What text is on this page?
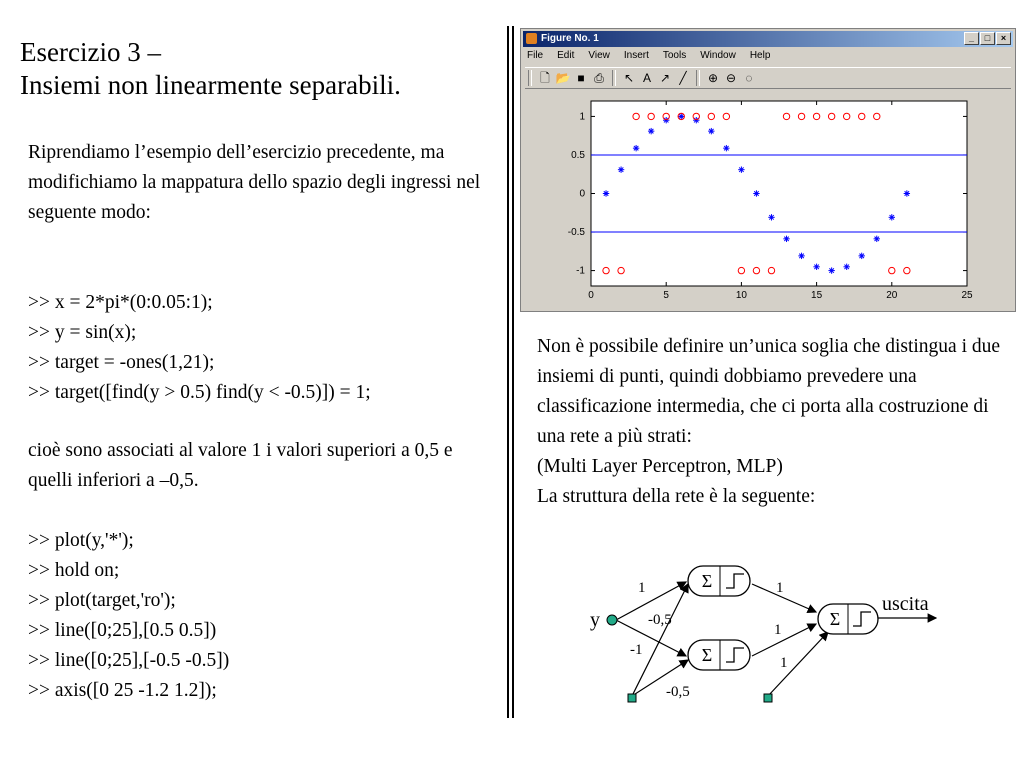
Esercizio 3 –
Insiemi non linearmente separabili.
Riprendiamo l’esempio dell’esercizio precedente, ma modifichiamo la mappatura dello spazio degli ingressi nel seguente modo:
>> x = 2*pi*(0:0.05:1);
>> y = sin(x);
>> target = -ones(1,21);
>> target([find(y > 0.5) find(y < -0.5)]) = 1;
cioè sono associati al valore 1 i valori superiori a 0,5 e quelli inferiori a –0,5.
>> plot(y,'*');
>> hold on;
>> plot(target,'ro');
>> line([0;25],[0.5 0.5])
>> line([0;25],[-0.5 -0.5])
>> axis([0 25 -1.2 1.2]);
Figure No. 1	_	□	×
File Edit View Insert Tools Window Help
🗋 📂 ■ ⎙ ↖ A ↗ ╱	⊕ ⊖ ◌
0	5	10	15	20	25
1
0.5
0
-0.5
-1
Non è possibile definire un’unica soglia che distingua i due insiemi di punti, quindi dobbiamo prevedere una classificazione intermedia, che ci porta alla costruzione di una rete a più strati:
(Multi Layer Perceptron, MLP)
La struttura della rete è la seguente:
Σ
Σ
Σ
y
uscita
1
-0,5
-1
-0,5
1
1
1
